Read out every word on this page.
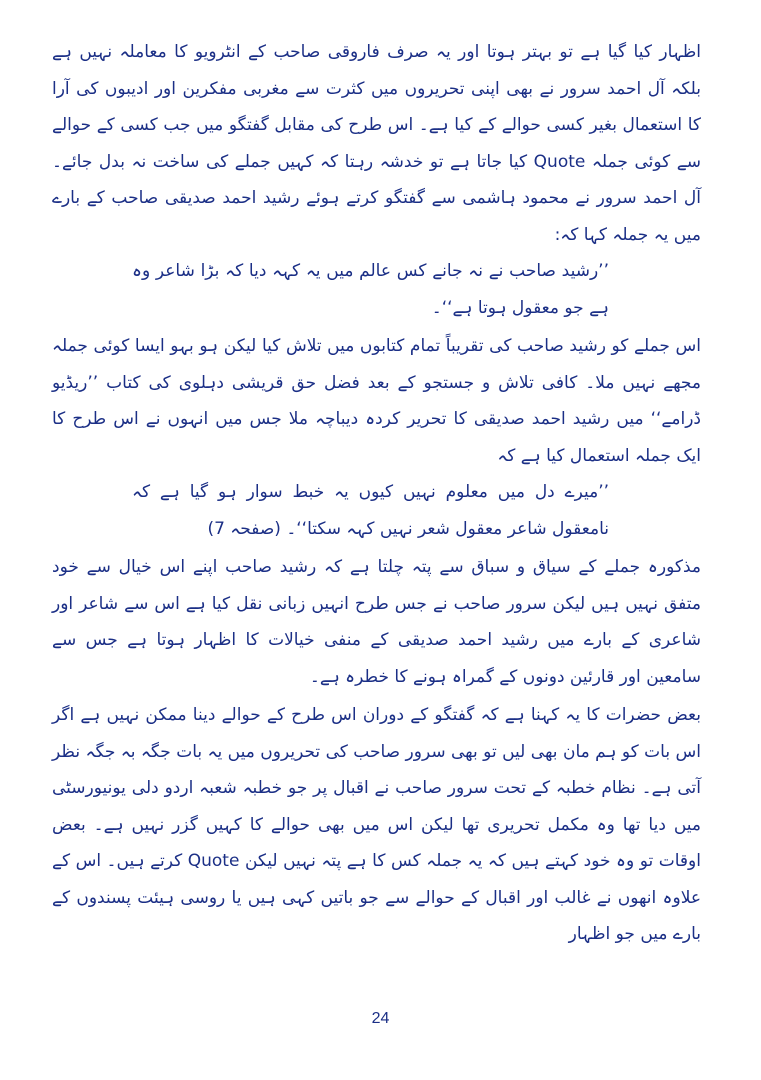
اظہار کیا گیا ہے تو بہتر ہوتا اور یہ صرف فاروقی صاحب کے انٹرویو کا معاملہ نہیں ہے بلکہ آل احمد سرور نے بھی اپنی تحریروں میں کثرت سے مغربی مفکرین اور ادیبوں کی آرا کا استعمال بغیر کسی حوالے کے کیا ہے۔ اس طرح کی مقابل گفتگو میں جب کسی کے حوالے سے کوئی جملہ Quote کیا جاتا ہے تو خدشہ رہتا کہ کہیں جملے کی ساخت نہ بدل جائے۔ آل احمد سرور نے محمود ہاشمی سے گفتگو کرتے ہوئے رشید احمد صدیقی صاحب کے بارے میں یہ جملہ کہا کہ:

’’رشید صاحب نے نہ جانے کس عالم میں یہ کہہ دیا کہ بڑا شاعر وہ ہے جو معقول ہوتا ہے‘‘۔

اس جملے کو رشید صاحب کی تقریباً تمام کتابوں میں تلاش کیا لیکن ہو بہو ایسا کوئی جملہ مجھے نہیں ملا۔ کافی تلاش و جستجو کے بعد فضل حق قریشی دہلوی کی کتاب ’’ریڈیو ڈرامے‘‘ میں رشید احمد صدیقی کا تحریر کردہ دیباچہ ملا جس میں انہوں نے اس طرح کا ایک جملہ استعمال کیا ہے کہ

’’میرے دل میں معلوم نہیں کیوں یہ خبط سوار ہو گیا ہے کہ نامعقول شاعر معقول شعر نہیں کہہ سکتا‘‘۔ (صفحہ 7)

مذکورہ جملے کے سیاق و سباق سے پتہ چلتا ہے کہ رشید صاحب اپنے اس خیال سے خود متفق نہیں ہیں لیکن سرور صاحب نے جس طرح انہیں زبانی نقل کیا ہے اس سے شاعر اور شاعری کے بارے میں رشید احمد صدیقی کے منفی خیالات کا اظہار ہوتا ہے جس سے سامعین اور قارئین دونوں کے گمراہ ہونے کا خطرہ ہے۔

بعض حضرات کا یہ کہنا ہے کہ گفتگو کے دوران اس طرح کے حوالے دینا ممکن نہیں ہے اگر اس بات کو ہم مان بھی لیں تو بھی سرور صاحب کی تحریروں میں یہ بات جگہ بہ جگہ نظر آتی ہے۔ نظام خطبہ کے تحت سرور صاحب نے اقبال پر جو خطبہ شعبہ اردو دلی یونیورسٹی میں دیا تھا وہ مکمل تحریری تھا لیکن اس میں بھی حوالے کا کہیں گزر نہیں ہے۔ بعض اوقات تو وہ خود کہتے ہیں کہ یہ جملہ کس کا ہے پتہ نہیں لیکن Quote کرتے ہیں۔ اس کے علاوہ انھوں نے غالب اور اقبال کے حوالے سے جو باتیں کہی ہیں یا روسی ہیئت پسندوں کے بارے میں جو اظہار

24
